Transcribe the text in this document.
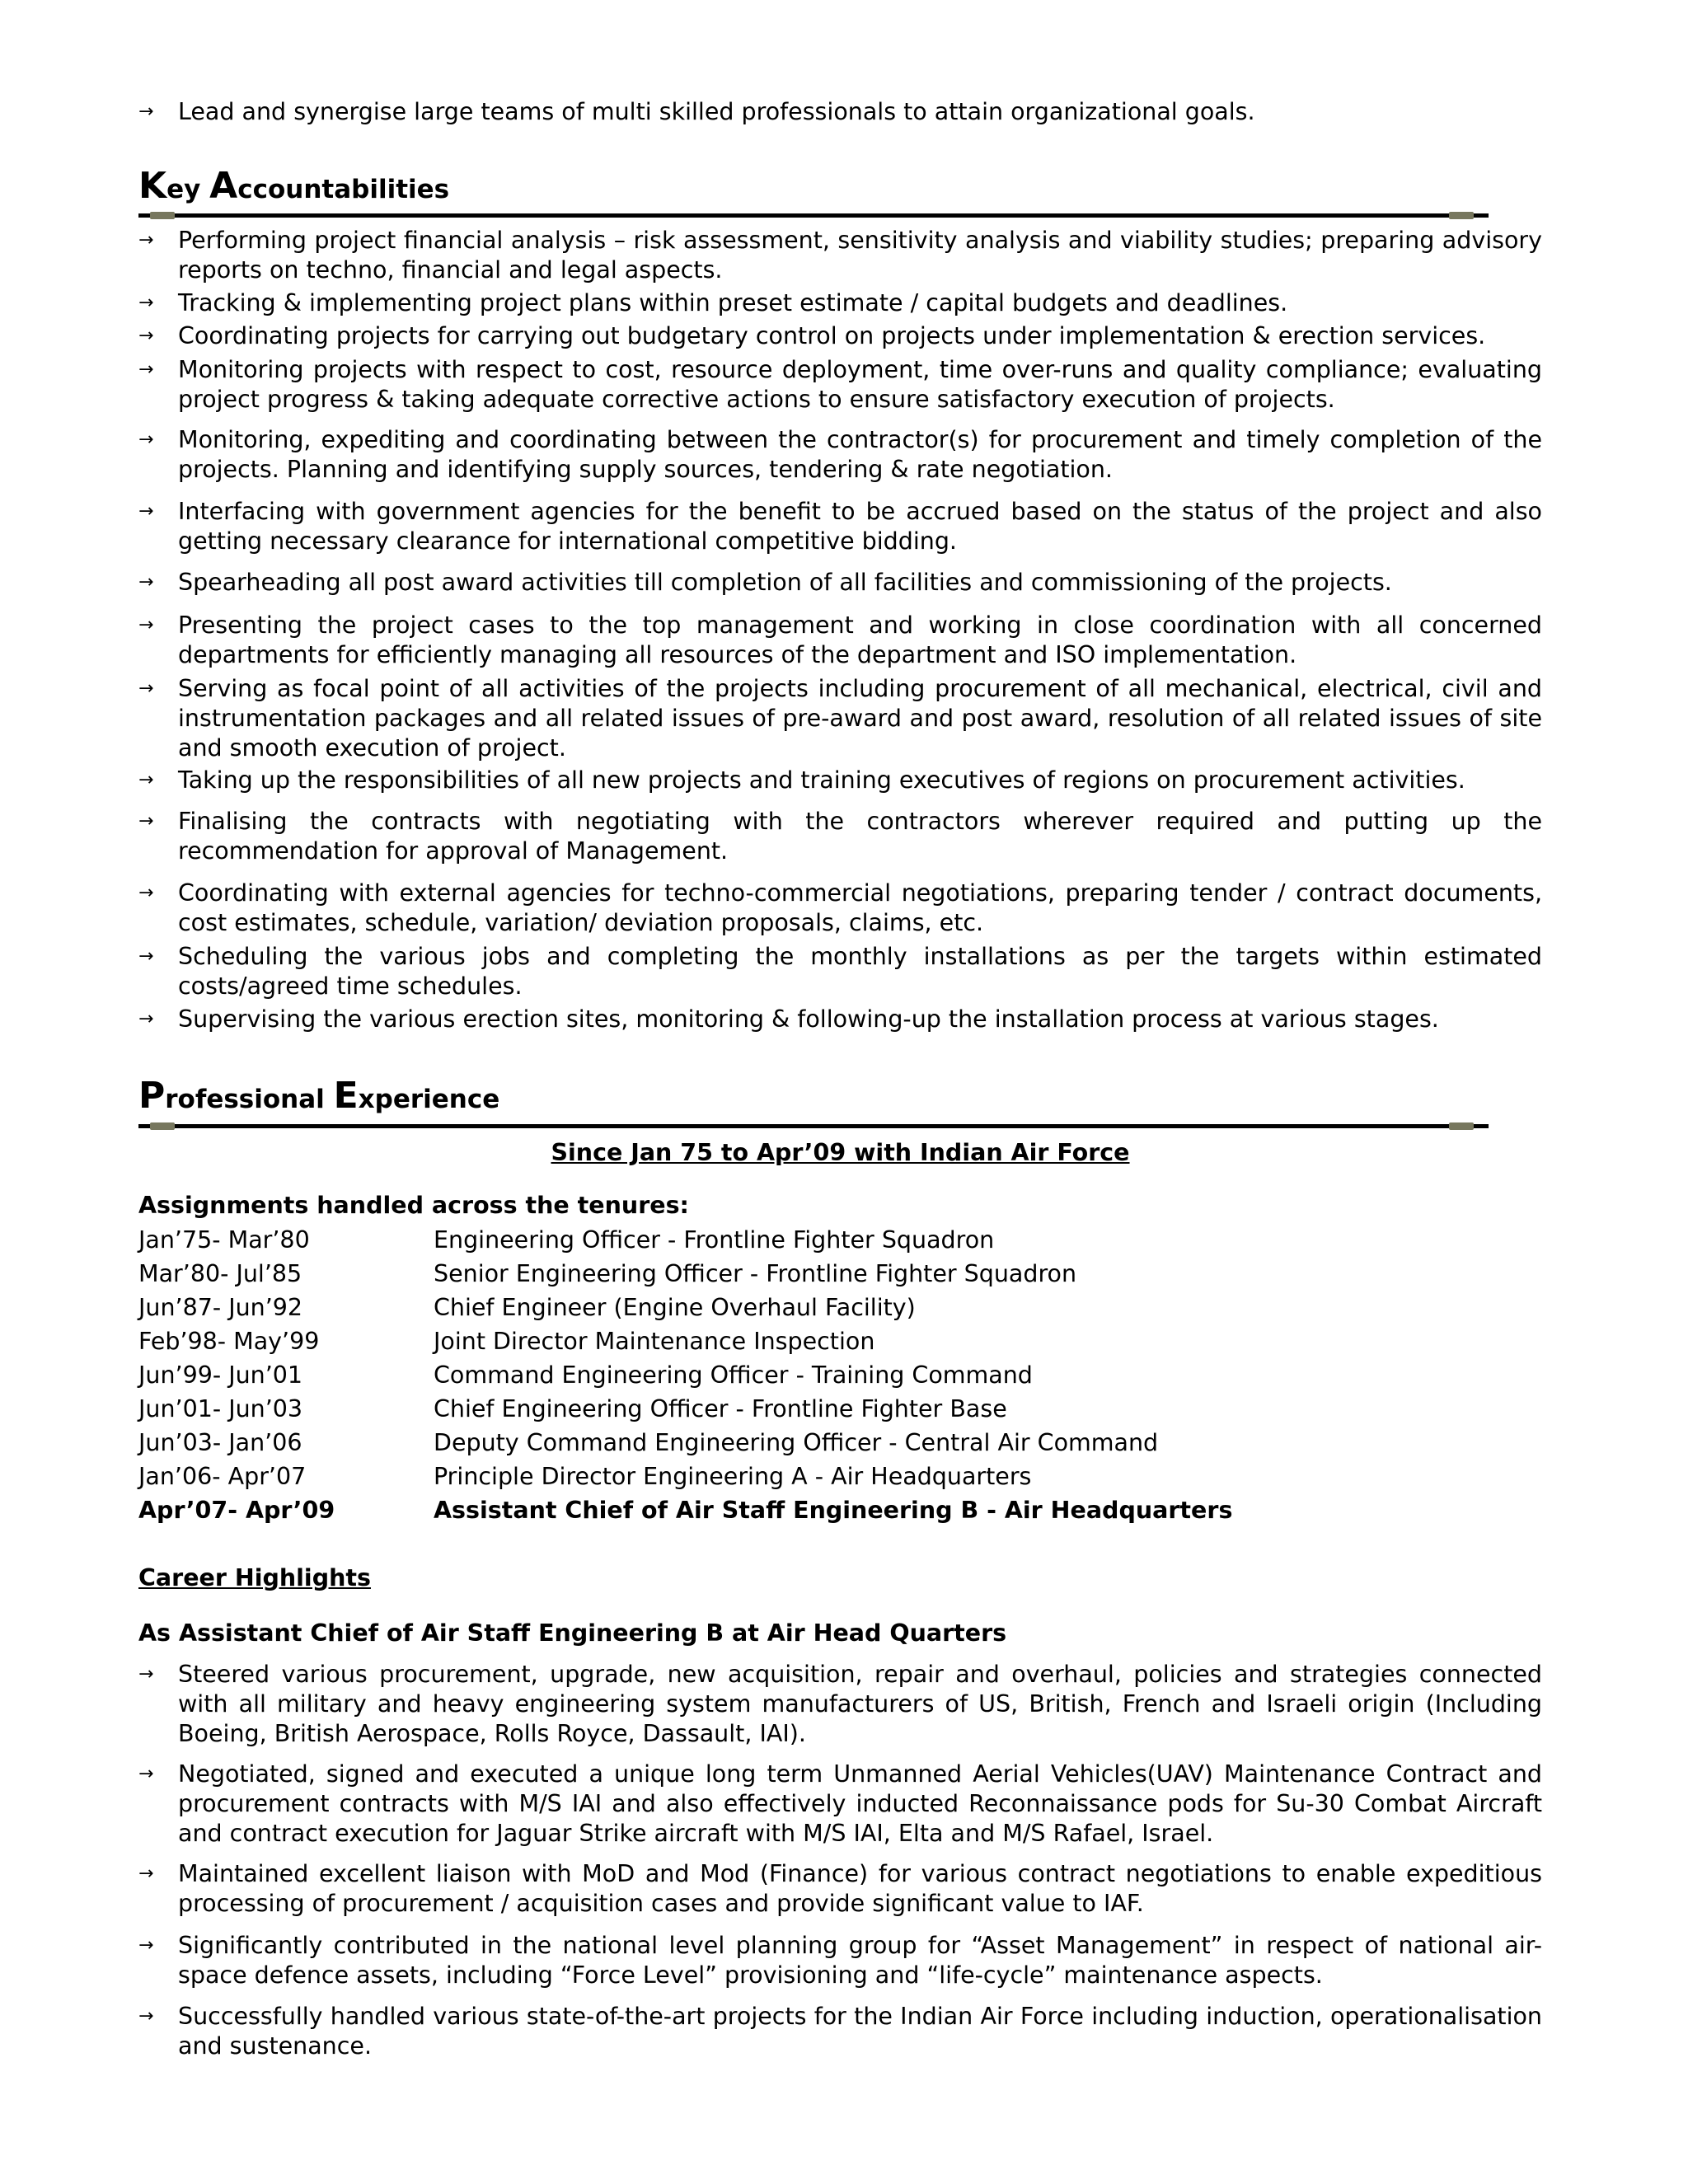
→	Lead and synergise large teams of multi skilled professionals to attain organizational goals.
Key Accountabilities
→	Performing project financial analysis – risk assessment, sensitivity analysis and viability studies; preparing advisory reports on techno, financial and legal aspects.
→	Tracking & implementing project plans within preset estimate / capital budgets and deadlines.
→	Coordinating projects for carrying out budgetary control on projects under implementation & erection services.
→	Monitoring projects with respect to cost, resource deployment, time over-runs and quality compliance; evaluating project progress & taking adequate corrective actions to ensure satisfactory execution of projects.
→	Monitoring, expediting and coordinating between the contractor(s) for procurement and timely completion of the projects. Planning and identifying supply sources, tendering & rate negotiation.
→	Interfacing with government agencies for the benefit to be accrued based on the status of the project and also getting necessary clearance for international competitive bidding.
→	Spearheading all post award activities till completion of all facilities and commissioning of the projects.
→	Presenting the project cases to the top management and working in close coordination with all concerned departments for efficiently managing all resources of the department and ISO implementation.
→	Serving as focal point of all activities of the projects including procurement of all mechanical, electrical, civil and instrumentation packages and all related issues of pre-award and post award, resolution of all related issues of site and smooth execution of project.
→	Taking up the responsibilities of all new projects and training executives of regions on procurement activities.
→	Finalising the contracts with negotiating with the contractors wherever required and putting up the recommendation for approval of Management.
→	Coordinating with external agencies for techno-commercial negotiations, preparing tender / contract documents, cost estimates, schedule, variation/ deviation proposals, claims, etc.
→	Scheduling the various jobs and completing the monthly installations as per the targets within estimated costs/agreed time schedules.
→	Supervising the various erection sites, monitoring & following-up the installation process at various stages.
Professional Experience
Since Jan 75 to Apr’09 with Indian Air Force
Assignments handled across the tenures:
Jan’75- Mar’80	Engineering Officer - Frontline Fighter Squadron
Mar’80- Jul’85	Senior Engineering Officer - Frontline Fighter Squadron
Jun’87- Jun’92	Chief Engineer (Engine Overhaul Facility)
Feb’98- May’99	Joint Director Maintenance Inspection
Jun’99- Jun’01	Command Engineering Officer - Training Command
Jun’01- Jun’03	Chief Engineering Officer - Frontline Fighter Base
Jun’03- Jan’06	Deputy Command Engineering Officer - Central Air Command
Jan’06- Apr’07	Principle Director Engineering A - Air Headquarters
Apr’07- Apr’09	Assistant Chief of Air Staff Engineering B - Air Headquarters
Career Highlights
As Assistant Chief of Air Staff Engineering B at Air Head Quarters
→	Steered various procurement, upgrade, new acquisition, repair and overhaul, policies and strategies connected with all military and heavy engineering system manufacturers of US, British, French and Israeli origin (Including Boeing, British Aerospace, Rolls Royce, Dassault, IAI).
→	Negotiated, signed and executed a unique long term Unmanned Aerial Vehicles(UAV) Maintenance Contract and procurement contracts with M/S IAI and also effectively inducted Reconnaissance pods for Su-30 Combat Aircraft and contract execution for Jaguar Strike aircraft with M/S IAI, Elta and M/S Rafael, Israel.
→	Maintained excellent liaison with MoD and Mod (Finance) for various contract negotiations to enable expeditious processing of procurement / acquisition cases and provide significant value to IAF.
→	Significantly contributed in the national level planning group for “Asset Management” in respect of national air-space defence assets, including “Force Level” provisioning and “life-cycle” maintenance aspects.
→	Successfully handled various state-of-the-art projects for the Indian Air Force including induction, operationalisation and sustenance.
